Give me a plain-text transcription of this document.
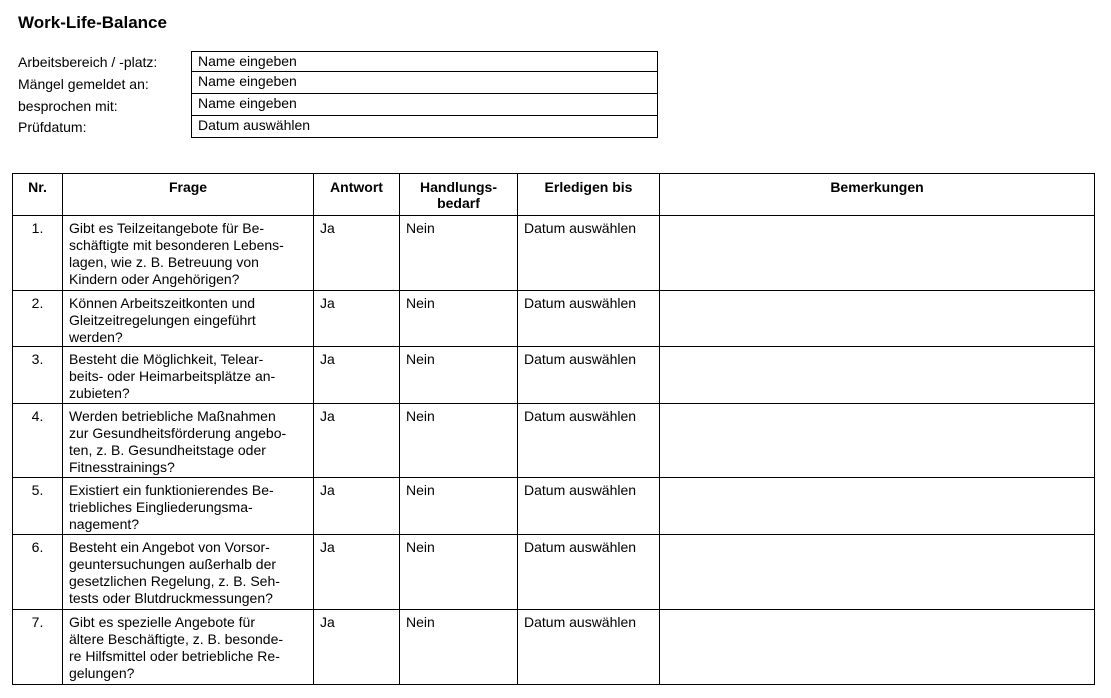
Work-Life-Balance
Arbeitsbereich / -platz:	Name eingeben
Mängel gemeldet an:	Name eingeben
besprochen mit:	Name eingeben
Prüfdatum:	Datum auswählen
Nr.	Frage	Antwort	Handlungs-
bedarf	Erledigen bis	Bemerkungen
1.	Gibt es Teilzeitangebote für Be-
schäftigte mit besonderen Lebens-
lagen, wie z. B. Betreuung von
Kindern oder Angehörigen?	Ja	Nein	Datum auswählen	
2.	Können Arbeitszeitkonten und
Gleitzeitregelungen eingeführt
werden?	Ja	Nein	Datum auswählen	
3.	Besteht die Möglichkeit, Telear-
beits- oder Heimarbeitsplätze an-
zubieten?	Ja	Nein	Datum auswählen	
4.	Werden betriebliche Maßnahmen
zur Gesundheitsförderung angebo-
ten, z. B. Gesundheitstage oder
Fitnesstrainings?	Ja	Nein	Datum auswählen	
5.	Existiert ein funktionierendes Be-
triebliches Eingliederungsma-
nagement?	Ja	Nein	Datum auswählen	
6.	Besteht ein Angebot von Vorsor-
geuntersuchungen außerhalb der
gesetzlichen Regelung, z. B. Seh-
tests oder Blutdruckmessungen?	Ja	Nein	Datum auswählen	
7.	Gibt es spezielle Angebote für
ältere Beschäftigte, z. B. besonde-
re Hilfsmittel oder betriebliche Re-
gelungen?	Ja	Nein	Datum auswählen	
